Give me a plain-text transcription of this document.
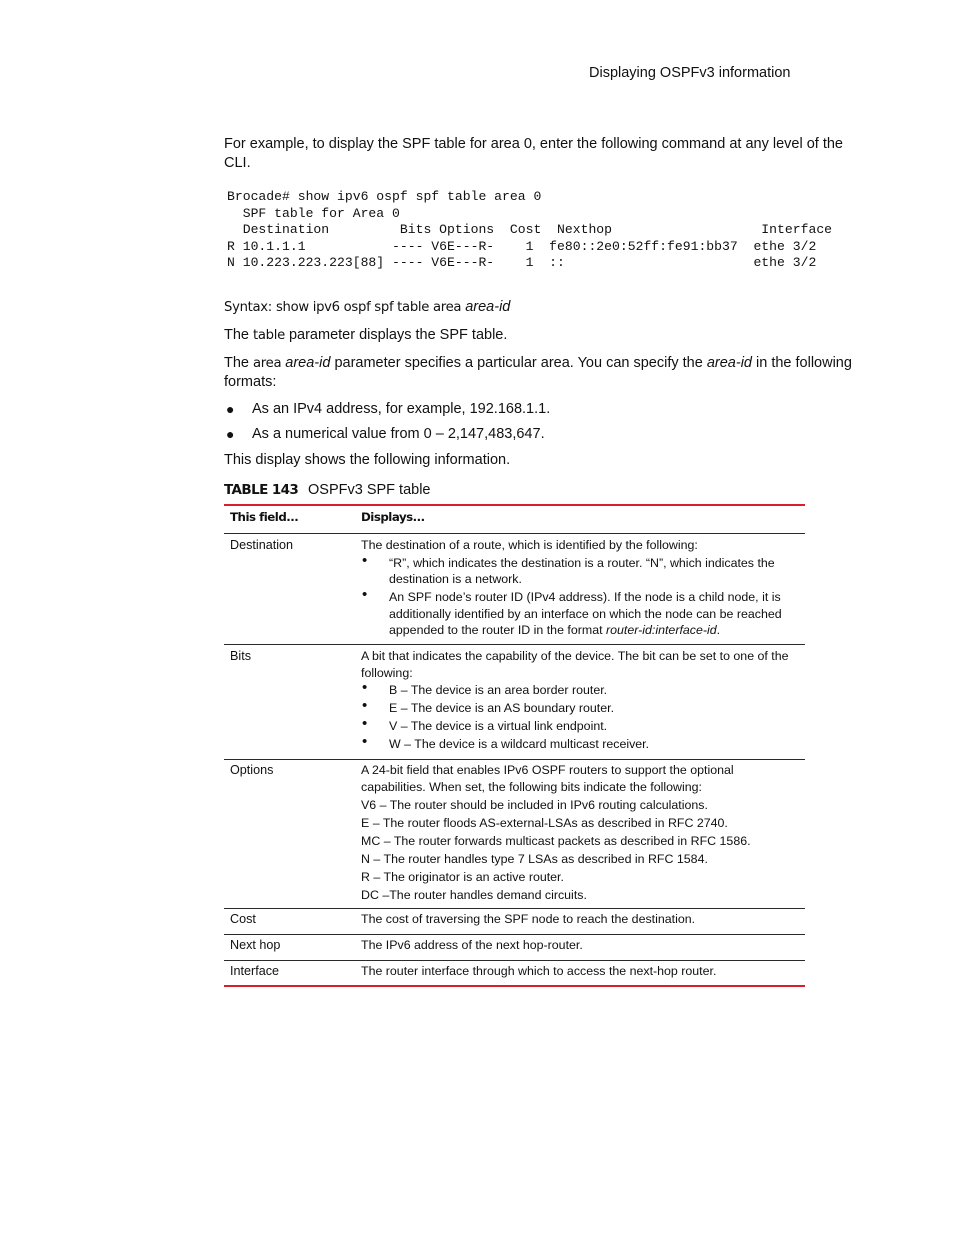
Displaying OSPFv3 information
For example, to display the SPF table for area 0, enter the following command at any level of the CLI.
Brocade# show ipv6 ospf spf table area 0
SPF table for Area 0
Destination         Bits Options  Cost  Nexthop                   Interface
R 10.1.1.1           ---- V6E---R-    1  fe80::2e0:52ff:fe91:bb37  ethe 3/2
N 10.223.223.223[88] ---- V6E---R-    1  ::                        ethe 3/2
Syntax: show ipv6 ospf spf table area area-id
The table parameter displays the SPF table.
The area area-id parameter specifies a particular area. You can specify the area-id in the following formats:
● As an IPv4 address, for example, 192.168.1.1.
● As a numerical value from 0 – 2,147,483,647.
This display shows the following information.
TABLE 143 OSPFv3 SPF table
This field...	Displays...
Destination	The destination of a route, which is identified by the following:
• “R”, which indicates the destination is a router. “N”, which indicates the destination is a network.
• An SPF node’s router ID (IPv4 address). If the node is a child node, it is additionally identified by an interface on which the node can be reached appended to the router ID in the format router-id:interface-id.
Bits	A bit that indicates the capability of the device. The bit can be set to one of the following:
• B – The device is an area border router.
• E – The device is an AS boundary router.
• V – The device is a virtual link endpoint.
• W – The device is a wildcard multicast receiver.
Options	A 24-bit field that enables IPv6 OSPF routers to support the optional capabilities. When set, the following bits indicate the following:
V6 – The router should be included in IPv6 routing calculations.
E – The router floods AS-external-LSAs as described in RFC 2740.
MC – The router forwards multicast packets as described in RFC 1586.
N – The router handles type 7 LSAs as described in RFC 1584.
R – The originator is an active router.
DC –The router handles demand circuits.
Cost	The cost of traversing the SPF node to reach the destination.
Next hop	The IPv6 address of the next hop-router.
Interface	The router interface through which to access the next-hop router.
